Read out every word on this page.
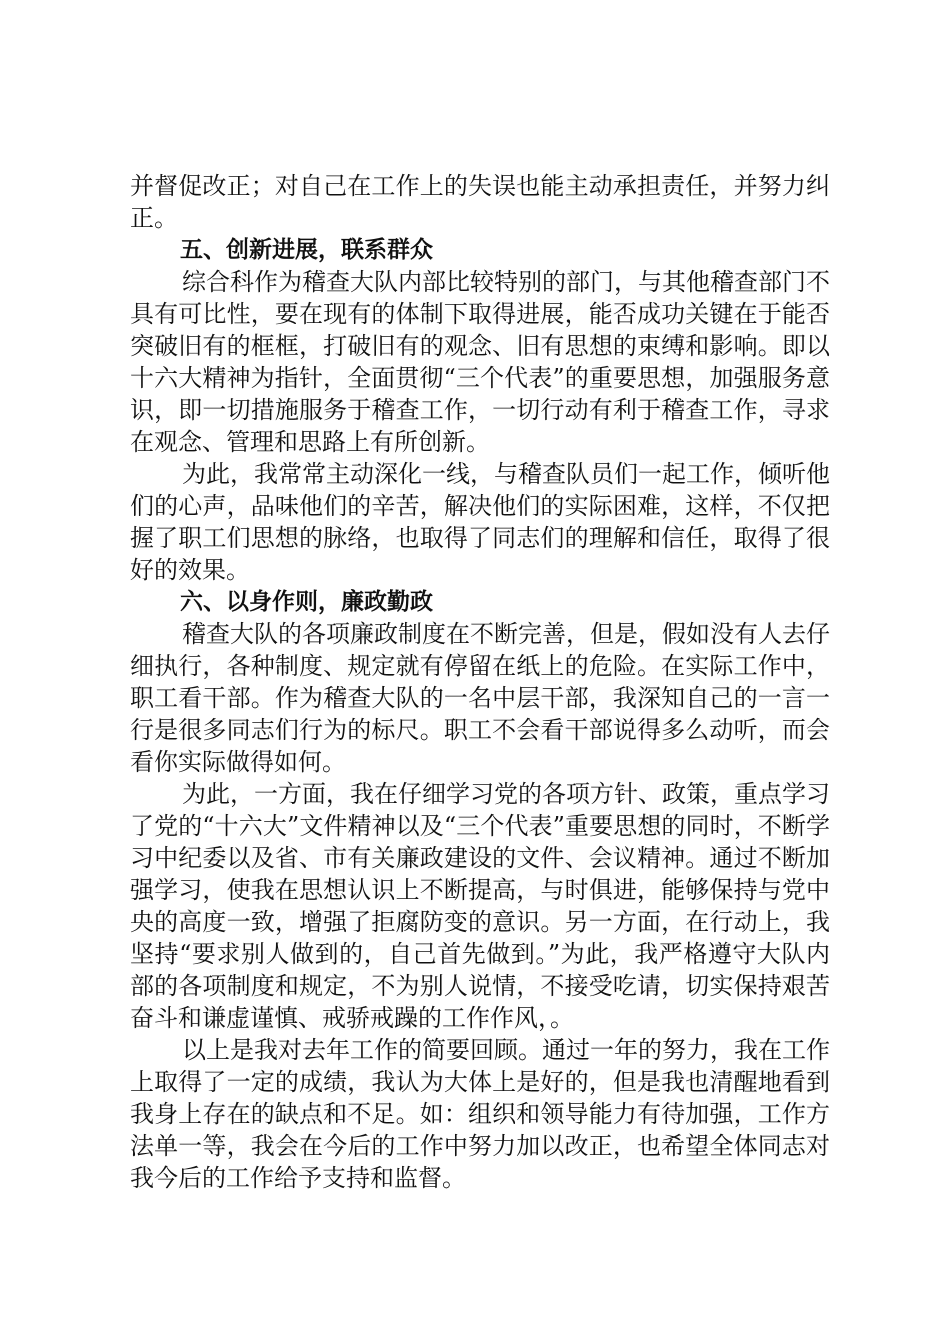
并督促改正；对自己在工作上的失误也能主动承担责任，并努力纠正。

五、创新进展，联系群众

综合科作为稽查大队内部比较特别的部门，与其他稽查部门不具有可比性，要在现有的体制下取得进展，能否成功关键在于能否突破旧有的框框，打破旧有的观念、旧有思想的束缚和影响。即以十六大精神为指针，全面贯彻“三个代表”的重要思想，加强服务意识，即一切措施服务于稽查工作，一切行动有利于稽查工作，寻求在观念、管理和思路上有所创新。

为此，我常常主动深化一线，与稽查队员们一起工作，倾听他们的心声，品味他们的辛苦，解决他们的实际困难，这样，不仅把握了职工们思想的脉络，也取得了同志们的理解和信任，取得了很好的效果。

六、以身作则，廉政勤政

稽查大队的各项廉政制度在不断完善，但是，假如没有人去仔细执行，各种制度、规定就有停留在纸上的危险。在实际工作中，职工看干部。作为稽查大队的一名中层干部，我深知自己的一言一行是很多同志们行为的标尺。职工不会看干部说得多么动听，而会看你实际做得如何。

为此，一方面，我在仔细学习党的各项方针、政策，重点学习了党的“十六大”文件精神以及“三个代表”重要思想的同时，不断学习中纪委以及省、市有关廉政建设的文件、会议精神。通过不断加强学习，使我在思想认识上不断提高，与时俱进，能够保持与党中央的高度一致，增强了拒腐防变的意识。另一方面，在行动上，我坚持“要求别人做到的，自己首先做到。”为此，我严格遵守大队内部的各项制度和规定，不为别人说情，不接受吃请，切实保持艰苦奋斗和谦虚谨慎、戒骄戒躁的工作作风，。

以上是我对去年工作的简要回顾。通过一年的努力，我在工作上取得了一定的成绩，我认为大体上是好的，但是我也清醒地看到我身上存在的缺点和不足。如：组织和领导能力有待加强，工作方法单一等，我会在今后的工作中努力加以改正，也希望全体同志对我今后的工作给予支持和监督。
